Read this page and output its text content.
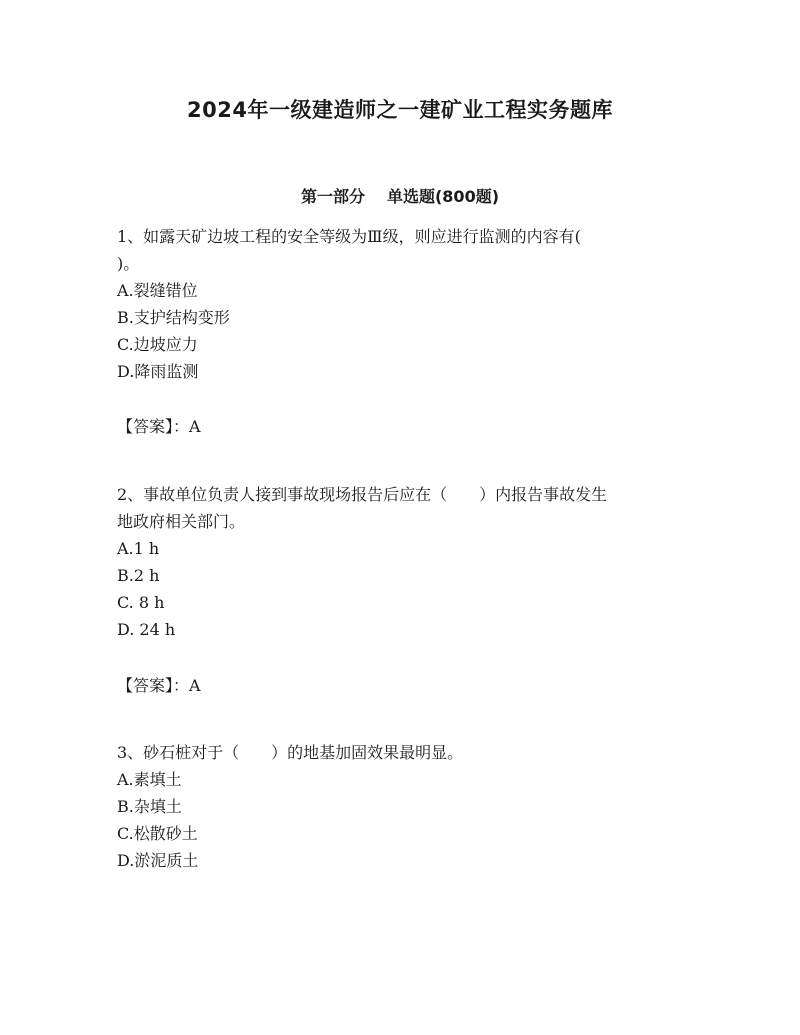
2024年一级建造师之一建矿业工程实务题库
第一部分 单选题(800题)
1、如露天矿边坡工程的安全等级为Ⅲ级，则应进行监测的内容有(
)。
A.裂缝错位
B.支护结构变形
C.边坡应力
D.降雨监测
【答案】：A
2、事故单位负责人接到事故现场报告后应在（　　）内报告事故发生
地政府相关部门。
A.1 h
B.2 h
C. 8 h
D. 24 h
【答案】：A
3、砂石桩对于（　　）的地基加固效果最明显。
A.素填土
B.杂填土
C.松散砂土
D.淤泥质土
